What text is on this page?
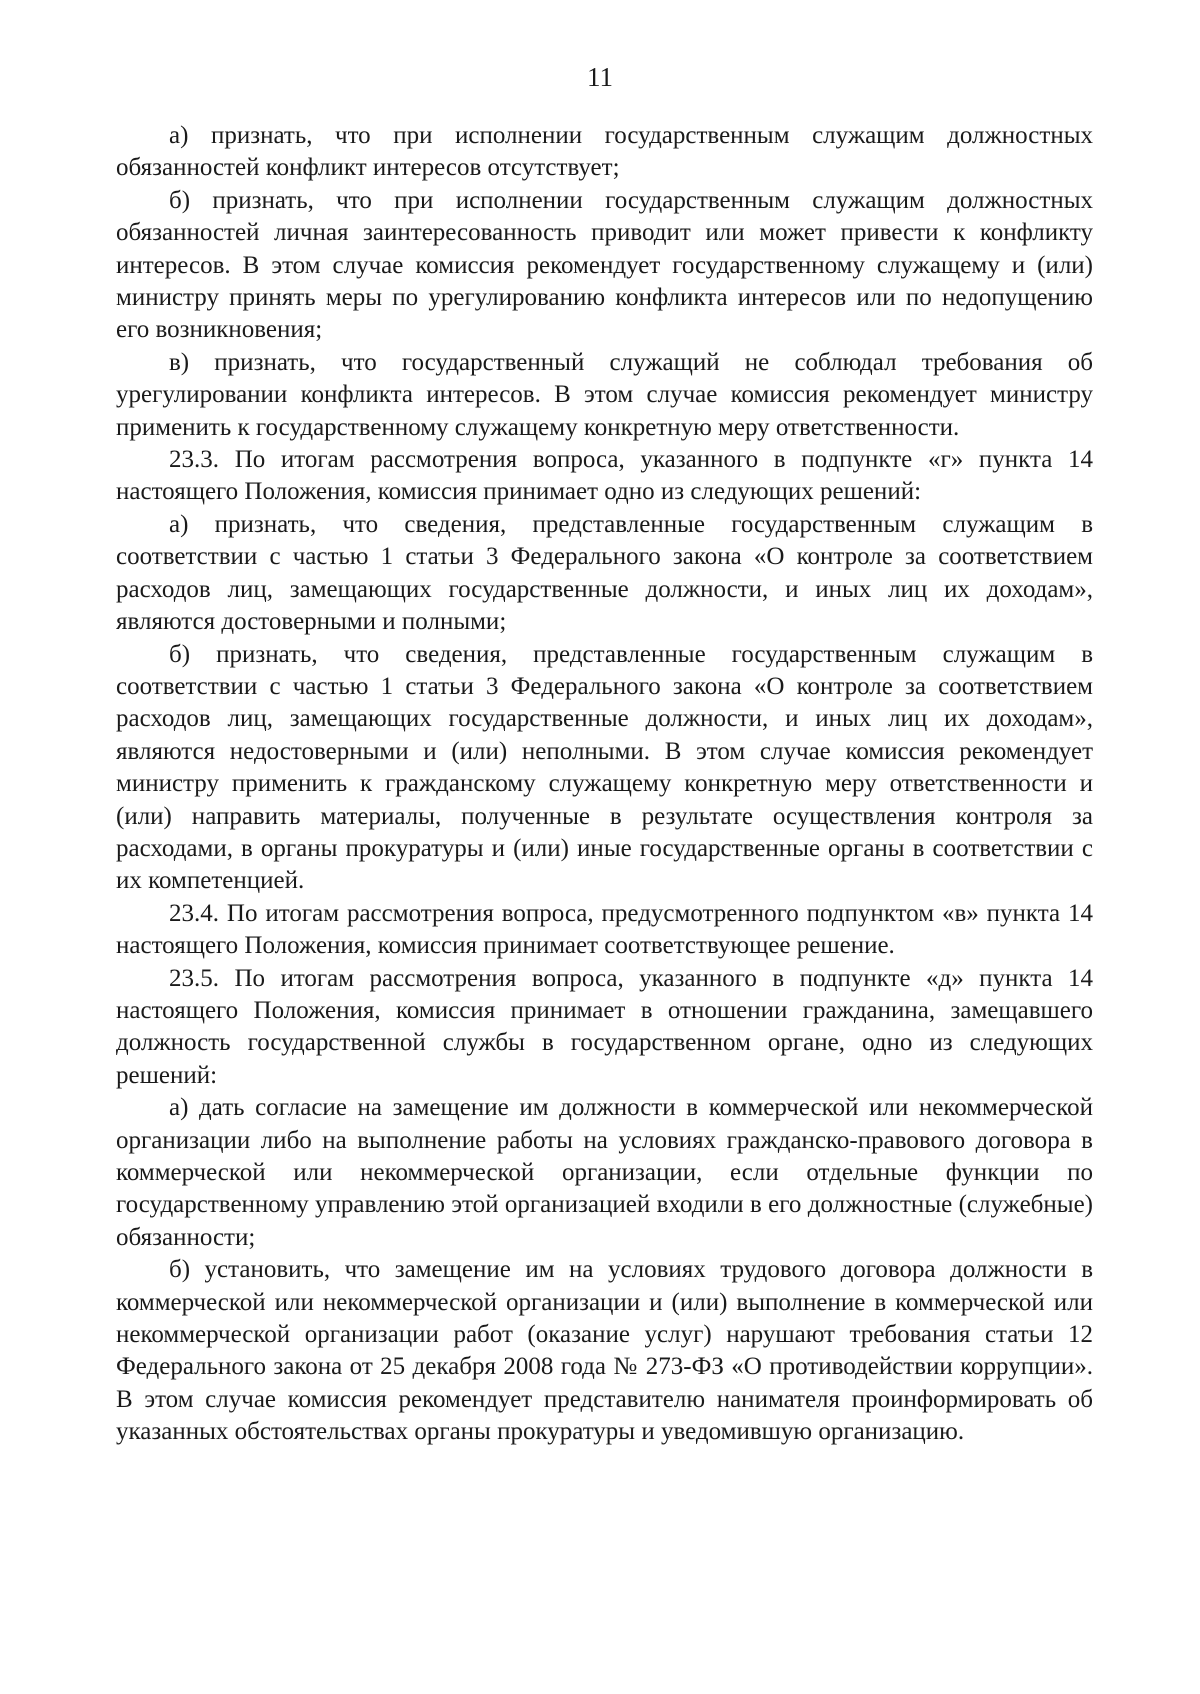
11

а) признать, что при исполнении государственным служащим должностных обязанностей конфликт интересов отсутствует;

б) признать, что при исполнении государственным служащим должностных обязанностей личная заинтересованность приводит или может привести к конфликту интересов. В этом случае комиссия рекомендует государственному служащему и (или) министру принять меры по урегулированию конфликта интересов или по недопущению его возникновения;

в) признать, что государственный служащий не соблюдал требования об урегулировании конфликта интересов. В этом случае комиссия рекомендует министру применить к государственному служащему конкретную меру ответственности.

23.3. По итогам рассмотрения вопроса, указанного в подпункте «г» пункта 14 настоящего Положения, комиссия принимает одно из следующих решений:

а) признать, что сведения, представленные государственным служащим в соответствии с частью 1 статьи 3 Федерального закона «О контроле за соответствием расходов лиц, замещающих государственные должности, и иных лиц их доходам», являются достоверными и полными;

б) признать, что сведения, представленные государственным служащим в соответствии с частью 1 статьи 3 Федерального закона «О контроле за соответствием расходов лиц, замещающих государственные должности, и иных лиц их доходам», являются недостоверными и (или) неполными. В этом случае комиссия рекомендует министру применить к гражданскому служащему конкретную меру ответственности и (или) направить материалы, полученные в результате осуществления контроля за расходами, в органы прокуратуры и (или) иные государственные органы в соответствии с их компетенцией.

23.4. По итогам рассмотрения вопроса, предусмотренного подпунктом «в» пункта 14 настоящего Положения, комиссия принимает соответствующее решение.

23.5. По итогам рассмотрения вопроса, указанного в подпункте «д» пункта 14 настоящего Положения, комиссия принимает в отношении гражданина, замещавшего должность государственной службы в государственном органе, одно из следующих решений:

а) дать согласие на замещение им должности в коммерческой или некоммерческой организации либо на выполнение работы на условиях гражданско-правового договора в коммерческой или некоммерческой организации, если отдельные функции по государственному управлению этой организацией входили в его должностные (служебные) обязанности;

б) установить, что замещение им на условиях трудового договора должности в коммерческой или некоммерческой организации и (или) выполнение в коммерческой или некоммерческой организации работ (оказание услуг) нарушают требования статьи 12 Федерального закона от 25 декабря 2008 года № 273-ФЗ «О противодействии коррупции». В этом случае комиссия рекомендует представителю нанимателя проинформировать об указанных обстоятельствах органы прокуратуры и уведомившую организацию.
